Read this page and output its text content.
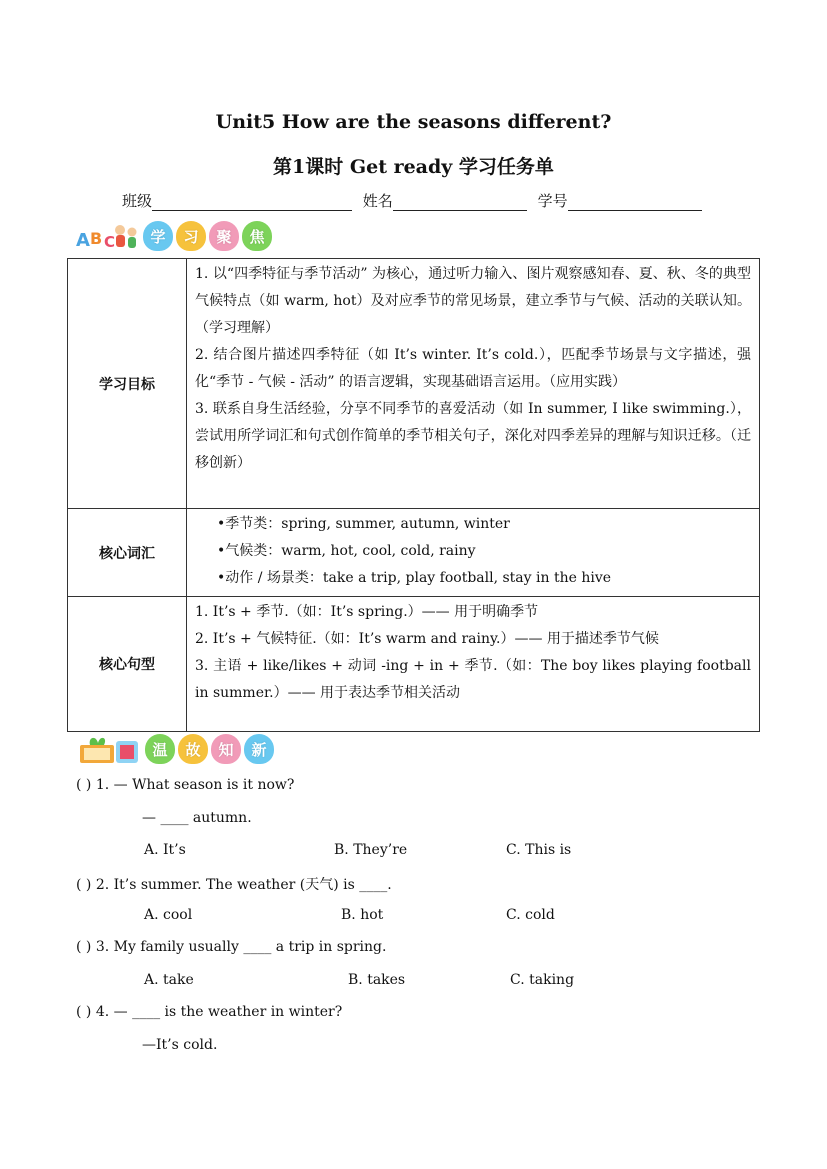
Unit5 How are the seasons different?
第1课时 Get ready 学习任务单
班级	姓名	学号
A B C	学	习	聚	焦
学习目标	1. 以“四季特征与季节活动” 为核心，通过听力输入、图片观察感知春、夏、秋、冬的典型气候特点（如 warm, hot）及对应季节的常见场景，建立季节与气候、活动的关联认知。（学习理解）

2. 结合图片描述四季特征（如 It’s winter. It’s cold.），匹配季节场景与文字描述，强化“季节 - 气候 - 活动” 的语言逻辑，实现基础语言运用。（应用实践）

3. 联系自身生活经验，分享不同季节的喜爱活动（如 In summer, I like swimming.），尝试用所学词汇和句式创作简单的季节相关句子，深化对四季差异的理解与知识迁移。（迁移创新）

核心词汇	•季节类：spring, summer, autumn, winter

•气候类：warm, hot, cool, cold, rainy

•动作 / 场景类：take a trip, play football, stay in the hive

核心句型	1. It’s + 季节.（如：It’s spring.）—— 用于明确季节

2. It’s + 气候特征.（如：It’s warm and rainy.）—— 用于描述季节气候

3. 主语 + like/likes + 动词 -ing + in + 季节.（如：The boy likes playing football in summer.）—— 用于表达季节相关活动

温	故	知	新
( ) 1. — What season is it now?
— ____ autumn.
A. It’s	B. They’re	C. This is
( ) 2. It’s summer. The weather (天气) is ____.
A. cool	B. hot	C. cold
( ) 3. My family usually ____ a trip in spring.
A. take	B. takes	C. taking
( ) 4. — ____ is the weather in winter?
—It’s cold.
